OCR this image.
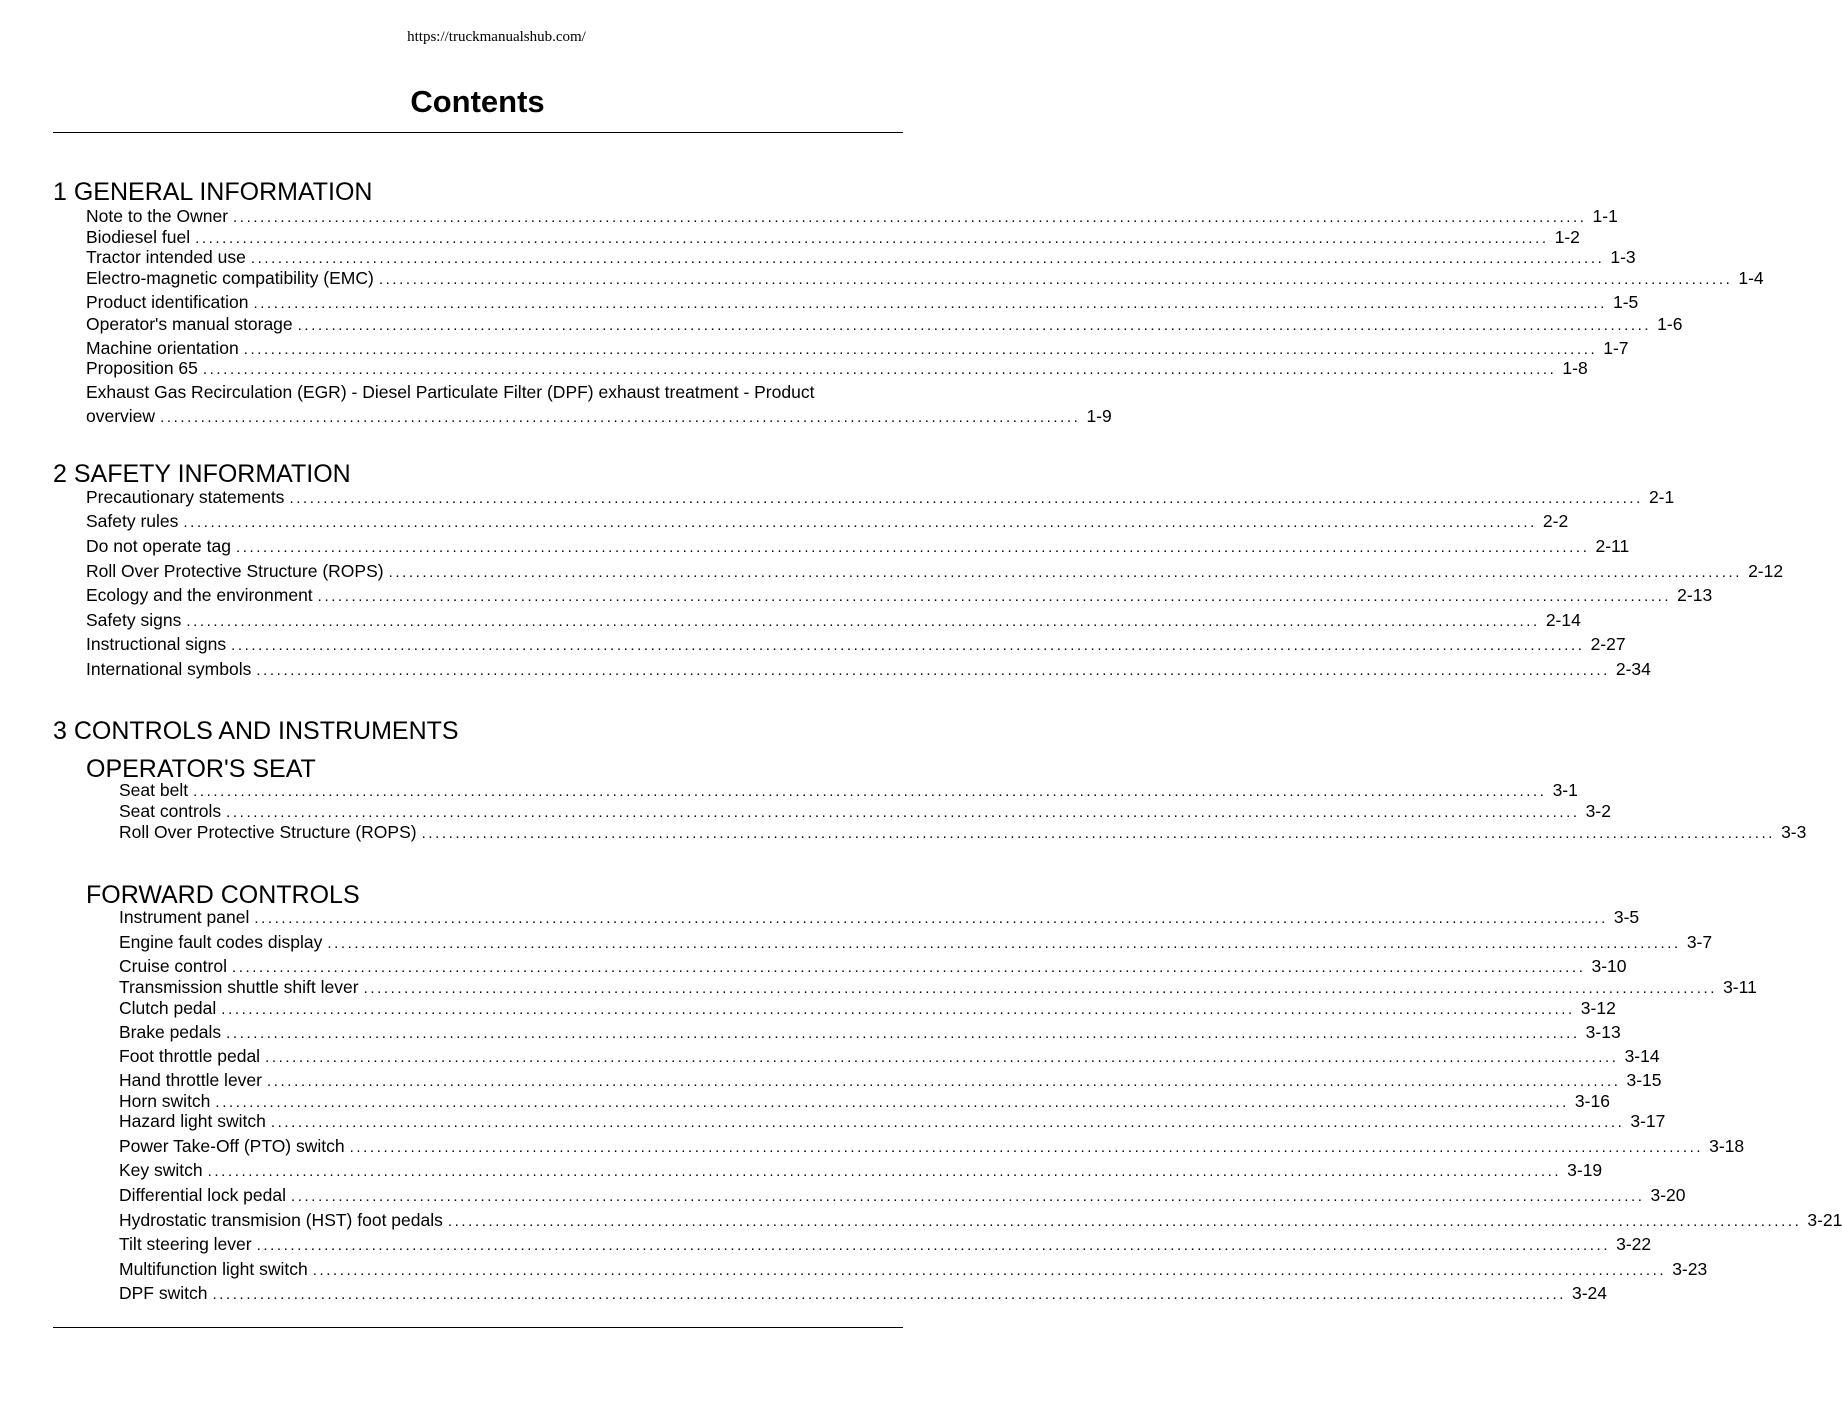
https://truckmanualshub.com/
Contents
1 GENERAL INFORMATION
Note to the Owner ........................................................................................................................................................................................................ 1-1
Biodiesel fuel ........................................................................................................................................................................................................ 1-2
Tractor intended use ........................................................................................................................................................................................................ 1-3
Electro-magnetic compatibility (EMC) ........................................................................................................................................................................................................ 1-4
Product identification ........................................................................................................................................................................................................ 1-5
Operator's manual storage ........................................................................................................................................................................................................ 1-6
Machine orientation ........................................................................................................................................................................................................ 1-7
Proposition 65 ........................................................................................................................................................................................................ 1-8
Exhaust Gas Recirculation (EGR) - Diesel Particulate Filter (DPF) exhaust treatment - Product
overview ........................................................................................................................................ 1-9
2 SAFETY INFORMATION
Precautionary statements ........................................................................................................................................................................................................ 2-1
Safety rules ........................................................................................................................................................................................................ 2-2
Do not operate tag ........................................................................................................................................................................................................ 2-11
Roll Over Protective Structure (ROPS) ........................................................................................................................................................................................................ 2-12
Ecology and the environment ........................................................................................................................................................................................................ 2-13
Safety signs ........................................................................................................................................................................................................ 2-14
Instructional signs ........................................................................................................................................................................................................ 2-27
International symbols ........................................................................................................................................................................................................ 2-34
3 CONTROLS AND INSTRUMENTS
OPERATOR'S SEAT
Seat belt ........................................................................................................................................................................................................ 3-1
Seat controls ........................................................................................................................................................................................................ 3-2
Roll Over Protective Structure (ROPS) ........................................................................................................................................................................................................ 3-3
FORWARD CONTROLS
Instrument panel ........................................................................................................................................................................................................ 3-5
Engine fault codes display ........................................................................................................................................................................................................ 3-7
Cruise control ........................................................................................................................................................................................................ 3-10
Transmission shuttle shift lever ........................................................................................................................................................................................................ 3-11
Clutch pedal ........................................................................................................................................................................................................ 3-12
Brake pedals ........................................................................................................................................................................................................ 3-13
Foot throttle pedal ........................................................................................................................................................................................................ 3-14
Hand throttle lever ........................................................................................................................................................................................................ 3-15
Horn switch ........................................................................................................................................................................................................ 3-16
Hazard light switch ........................................................................................................................................................................................................ 3-17
Power Take-Off (PTO) switch ........................................................................................................................................................................................................ 3-18
Key switch ........................................................................................................................................................................................................ 3-19
Differential lock pedal ........................................................................................................................................................................................................ 3-20
Hydrostatic transmision (HST) foot pedals ........................................................................................................................................................................................................ 3-21
Tilt steering lever ........................................................................................................................................................................................................ 3-22
Multifunction light switch ........................................................................................................................................................................................................ 3-23
DPF switch ........................................................................................................................................................................................................ 3-24
